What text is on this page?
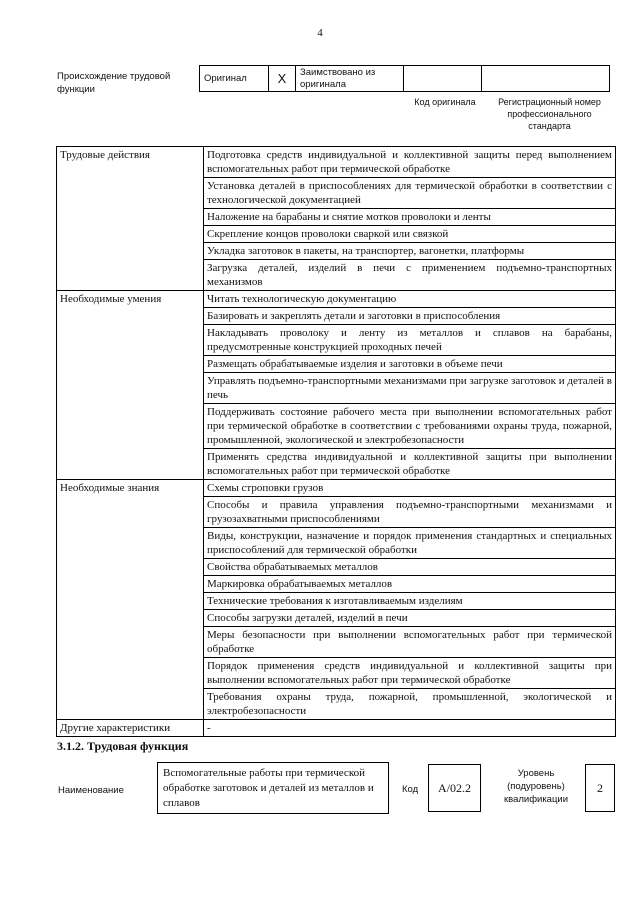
4
Происхождение трудовой функции
Оригинал	X	Заимствовано из оригинала		
Код оригинала	Регистрационный номер профессионального стандарта
Трудовые действия	Подготовка средств индивидуальной и коллективной защиты перед выполнением вспомогательных работ при термической обработке
	Установка деталей в приспособлениях для термической обработки в соответствии с технологической документацией
	Наложение на барабаны и снятие мотков проволоки и ленты
	Скрепление концов проволоки сваркой или связкой
	Укладка заготовок в пакеты, на транспортер, вагонетки, платформы
	Загрузка деталей, изделий в печи с применением подъемно-транспортных механизмов
Необходимые умения	Читать технологическую документацию
	Базировать и закреплять детали и заготовки в приспособления
	Накладывать проволоку и ленту из металлов и сплавов на барабаны, предусмотренные конструкцией проходных печей
	Размещать обрабатываемые изделия и заготовки в объеме печи
	Управлять подъемно-транспортными механизмами при загрузке заготовок и деталей в печь
	Поддерживать состояние рабочего места при выполнении вспомогательных работ при термической обработке в соответствии с требованиями охраны труда, пожарной, промышленной, экологической и электробезопасности
	Применять средства индивидуальной и коллективной защиты при выполнении вспомогательных работ при термической обработке
Необходимые знания	Схемы строповки грузов
	Способы и правила управления подъемно-транспортными механизмами и грузозахватными приспособлениями
	Виды, конструкции, назначение и порядок применения стандартных и специальных приспособлений для термической обработки
	Свойства обрабатываемых металлов
	Маркировка обрабатываемых металлов
	Технические требования к изготавливаемым изделиям
	Способы загрузки деталей, изделий в печи
	Меры безопасности при выполнении вспомогательных работ при термической обработке
	Порядок применения средств индивидуальной и коллективной защиты при выполнении вспомогательных работ при термической обработке
	Требования охраны труда, пожарной, промышленной, экологической и электробезопасности
Другие характеристики	-
3.1.2. Трудовая функция
Наименование
Вспомогательные работы при термической обработке заготовок и деталей из металлов и сплавов
Код	A/02.2
Уровень (подуровень) квалификации
2
